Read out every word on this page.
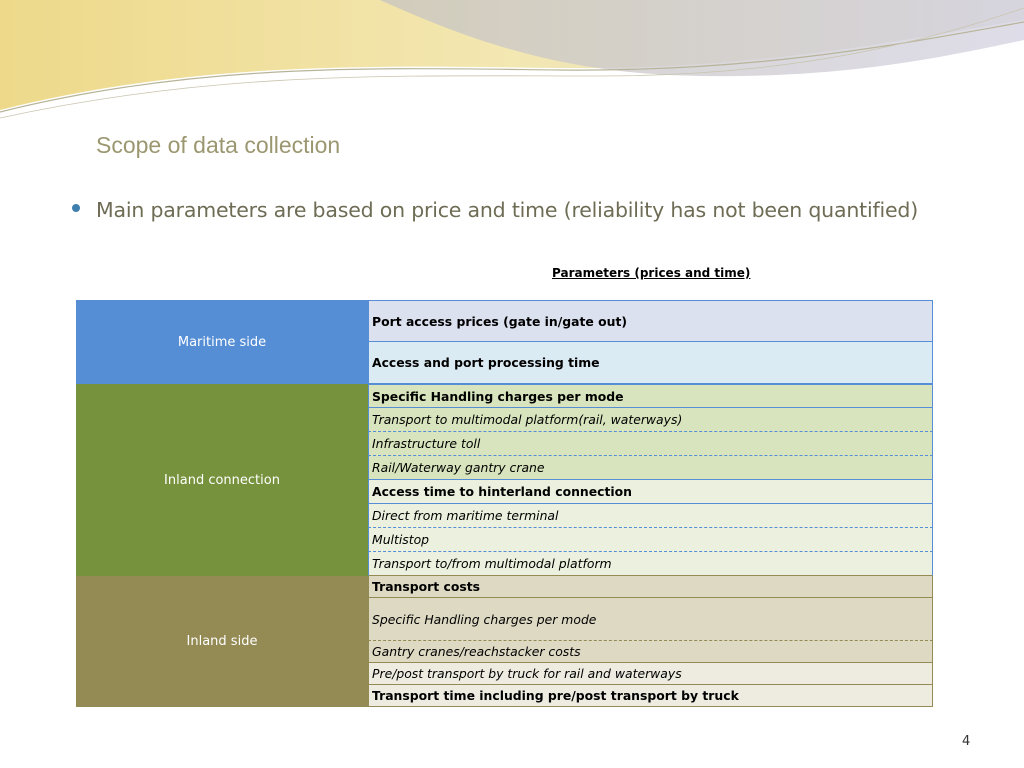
Scope of data collection
Main parameters are based on price and time (reliability has not been quantified)
Parameters (prices and time)
Maritime side
Port access prices (gate in/gate out)
Access and port processing time
Inland connection
Specific Handling charges per mode
Transport to multimodal platform(rail, waterways)
Infrastructure toll
Rail/Waterway gantry crane
Access time to hinterland connection
Direct from maritime terminal
Multistop
Transport to/from multimodal platform
Inland side
Transport costs
Specific Handling charges per mode
Gantry cranes/reachstacker costs
Pre/post transport by truck for rail and waterways
Transport time including pre/post transport by truck
4
